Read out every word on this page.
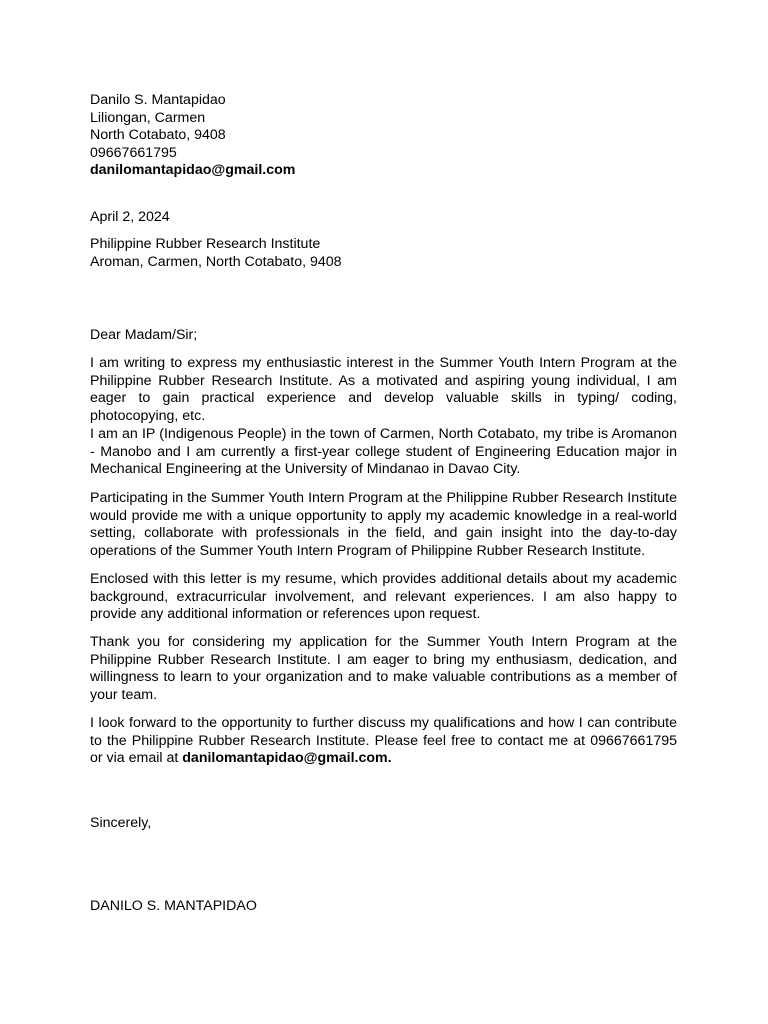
Danilo S. Mantapidao
Liliongan, Carmen
North Cotabato, 9408
09667661795
danilomantapidao@gmail.com
April 2, 2024
Philippine Rubber Research Institute
Aroman, Carmen, North Cotabato, 9408
Dear Madam/Sir;
I am writing to express my enthusiastic interest in the Summer Youth Intern Program at the Philippine Rubber Research Institute. As a motivated and aspiring young individual, I am eager to gain practical experience and develop valuable skills in typing/ coding, photocopying, etc.
I am an IP (Indigenous People) in the town of Carmen, North Cotabato, my tribe is Aromanon - Manobo and I am currently a first-year college student of Engineering Education major in Mechanical Engineering at the University of Mindanao in Davao City.
Participating in the Summer Youth Intern Program at the Philippine Rubber Research Institute would provide me with a unique opportunity to apply my academic knowledge in a real-world setting, collaborate with professionals in the field, and gain insight into the day-to-day operations of the Summer Youth Intern Program of Philippine Rubber Research Institute.
Enclosed with this letter is my resume, which provides additional details about my academic background, extracurricular involvement, and relevant experiences. I am also happy to provide any additional information or references upon request.
Thank you for considering my application for the Summer Youth Intern Program at the Philippine Rubber Research Institute. I am eager to bring my enthusiasm, dedication, and willingness to learn to your organization and to make valuable contributions as a member of your team.
I look forward to the opportunity to further discuss my qualifications and how I can contribute to the Philippine Rubber Research Institute. Please feel free to contact me at 09667661795 or via email at danilomantapidao@gmail.com.
Sincerely,
DANILO S. MANTAPIDAO
